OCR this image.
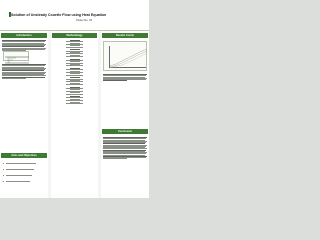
Solution of Unsteady Couette Flow using Heat Equation
Poster No. 03
Introduction
Aims and Objectives
Methodology	Results Contd.
Conclusion
